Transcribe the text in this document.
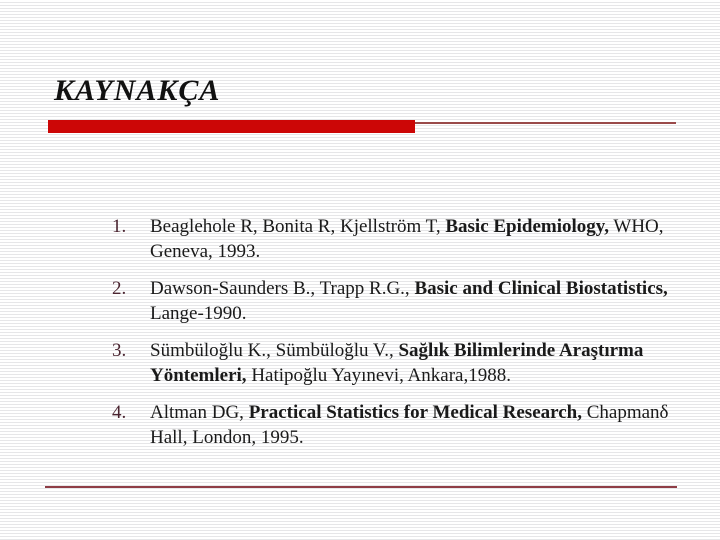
KAYNAKÇA
1.	Beaglehole R, Bonita R, Kjellström T, Basic Epidemiology, WHO,
Geneva, 1993.
2.	Dawson-Saunders B., Trapp R.G., Basic and Clinical Biostatistics,
Lange-1990.
3.	Sümbüloğlu K., Sümbüloğlu V., Sağlık Bilimlerinde Araştırma
Yöntemleri, Hatipoğlu Yayınevi, Ankara,1988.
4.	Altman DG, Practical Statistics for Medical Research, Chapmanδ
Hall, London, 1995.
